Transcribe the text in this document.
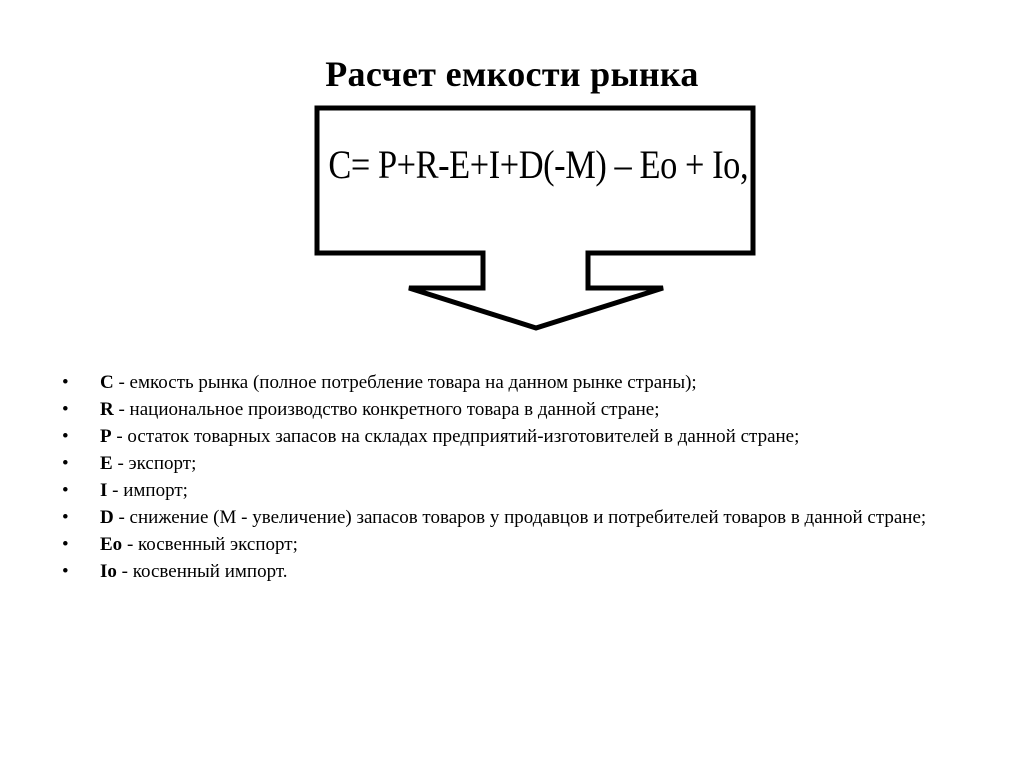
Расчет емкости рынка
C= P+R-E+I+D(-M) – Eo + Io,
• C - емкость рынка (полное потребление товара на данном рынке страны);
• R - национальное производство конкретного товара в данной стране;
• P - остаток товарных запасов на складах предприятий-изготовителей в данной стране;
• E - экспорт;
• I - импорт;
• D - снижение (M - увеличение) запасов товаров у продавцов и потребителей товаров в данной стране;
• Eo - косвенный экспорт;
• Io - косвенный импорт.
